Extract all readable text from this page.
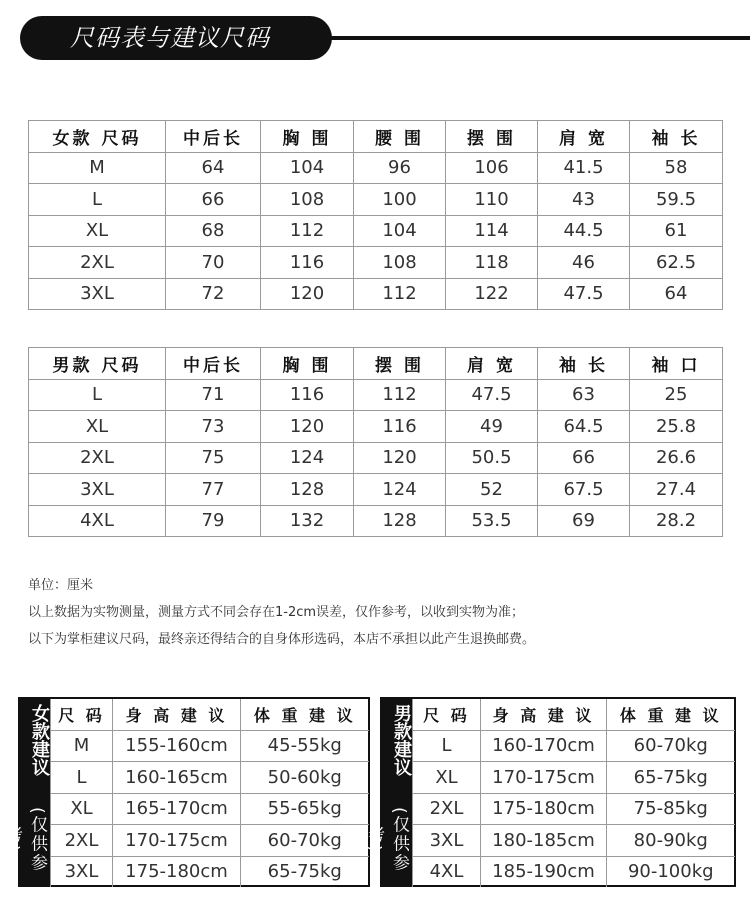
尺码表与建议尺码
女款 尺码	中后长	胸 围	腰 围	摆 围	肩 宽	袖 长
M	64	104	96	106	41.5	58
L	66	108	100	110	43	59.5
XL	68	112	104	114	44.5	61
2XL	70	116	108	118	46	62.5
3XL	72	120	112	122	47.5	64
男款 尺码	中后长	胸 围	摆 围	肩 宽	袖 长	袖 口
L	71	116	112	47.5	63	25
XL	73	120	116	49	64.5	25.8
2XL	75	124	120	50.5	66	26.6
3XL	77	128	124	52	67.5	27.4
4XL	79	132	128	53.5	69	28.2
单位：厘米
以上数据为实物测量，测量方式不同会存在1-2cm误差，仅作参考，以收到实物为准；
以下为掌柜建议尺码，最终亲还得结合的自身体形选码，本店不承担以此产生退换邮费。
女款建议
(仅供参考)
尺 码	身 高 建 议	体 重 建 议
M	155-160cm	45-55kg
L	160-165cm	50-60kg
XL	165-170cm	55-65kg
2XL	170-175cm	60-70kg
3XL	175-180cm	65-75kg
男款建议
(仅供参考)
尺 码	身 高 建 议	体 重 建 议
L	160-170cm	60-70kg
XL	170-175cm	65-75kg
2XL	175-180cm	75-85kg
3XL	180-185cm	80-90kg
4XL	185-190cm	90-100kg
